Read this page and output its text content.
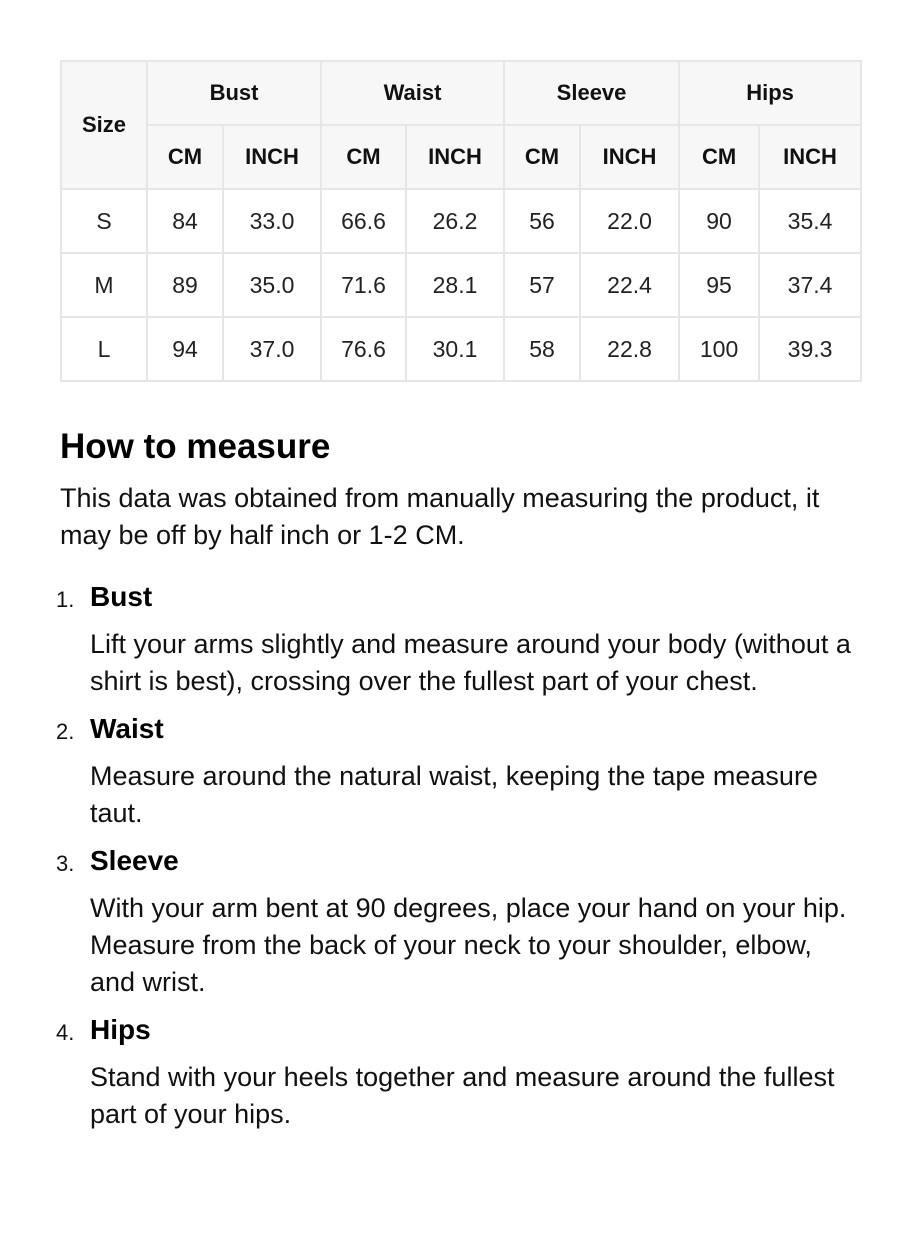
Size	Bust		Waist		Sleeve		Hips	
	CM	INCH	CM	INCH	CM	INCH	CM	INCH
S	84	33.0	66.6	26.2	56	22.0	90	35.4
M	89	35.0	71.6	28.1	57	22.4	95	37.4
L	94	37.0	76.6	30.1	58	22.8	100	39.3
How to measure

This data was obtained from manually measuring the product, it may be off by half inch or 1-2 CM.

1. Bust
Lift your arms slightly and measure around your body (without a shirt is best), crossing over the fullest part of your chest.
2. Waist
Measure around the natural waist, keeping the tape measure taut.
3. Sleeve
With your arm bent at 90 degrees, place your hand on your hip. Measure from the back of your neck to your shoulder, elbow, and wrist.
4. Hips
Stand with your heels together and measure around the fullest part of your hips.
